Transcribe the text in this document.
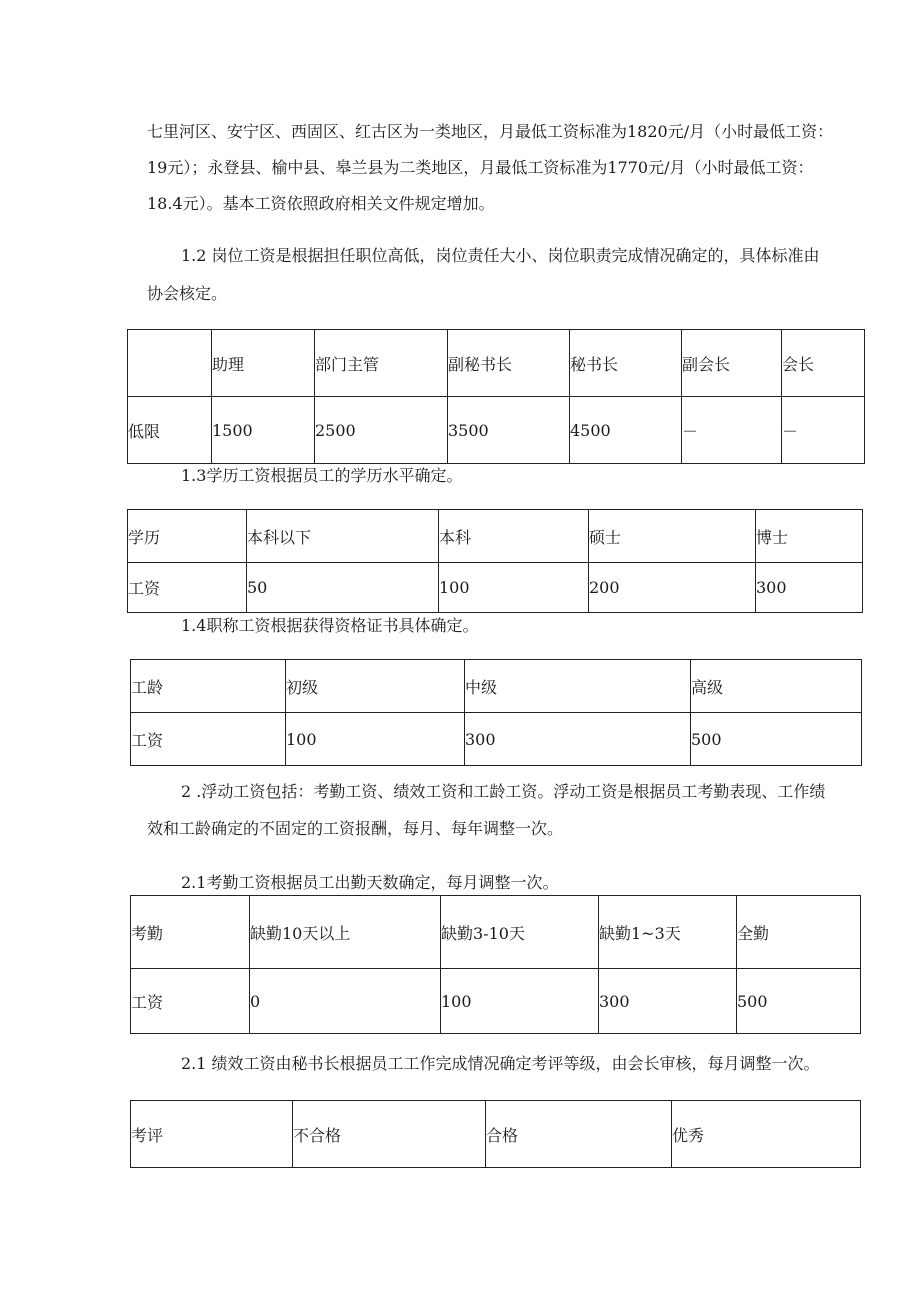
七里河区、安宁区、西固区、红古区为一类地区，月最低工资标准为1820元/月（小时最低工资：
19元）；永登县、榆中县、皋兰县为二类地区，月最低工资标准为1770元/月（小时最低工资：
18.4元）。基本工资依照政府相关文件规定增加。
1.2 岗位工资是根据担任职位高低，岗位责任大小、岗位职责完成情况确定的，具体标准由
协会核定。
	助理	部门主管	副秘书长	秘书长	副会长	会长
低限	1500	2500	3500	4500	－	－
1.3学历工资根据员工的学历水平确定。
学历	本科以下	本科	硕士	博士
工资	50	100	200	300
1.4职称工资根据获得资格证书具体确定。
工龄	初级	中级	高级
工资	100	300	500
2 .浮动工资包括：考勤工资、绩效工资和工龄工资。浮动工资是根据员工考勤表现、工作绩
效和工龄确定的不固定的工资报酬，每月、每年调整一次。
2.1考勤工资根据员工出勤天数确定，每月调整一次。
考勤	缺勤10天以上	缺勤3-10天	缺勤1~3天	全勤
工资	0	100	300	500
2.1 绩效工资由秘书长根据员工工作完成情况确定考评等级，由会长审核，每月调整一次。
考评	不合格	合格	优秀
